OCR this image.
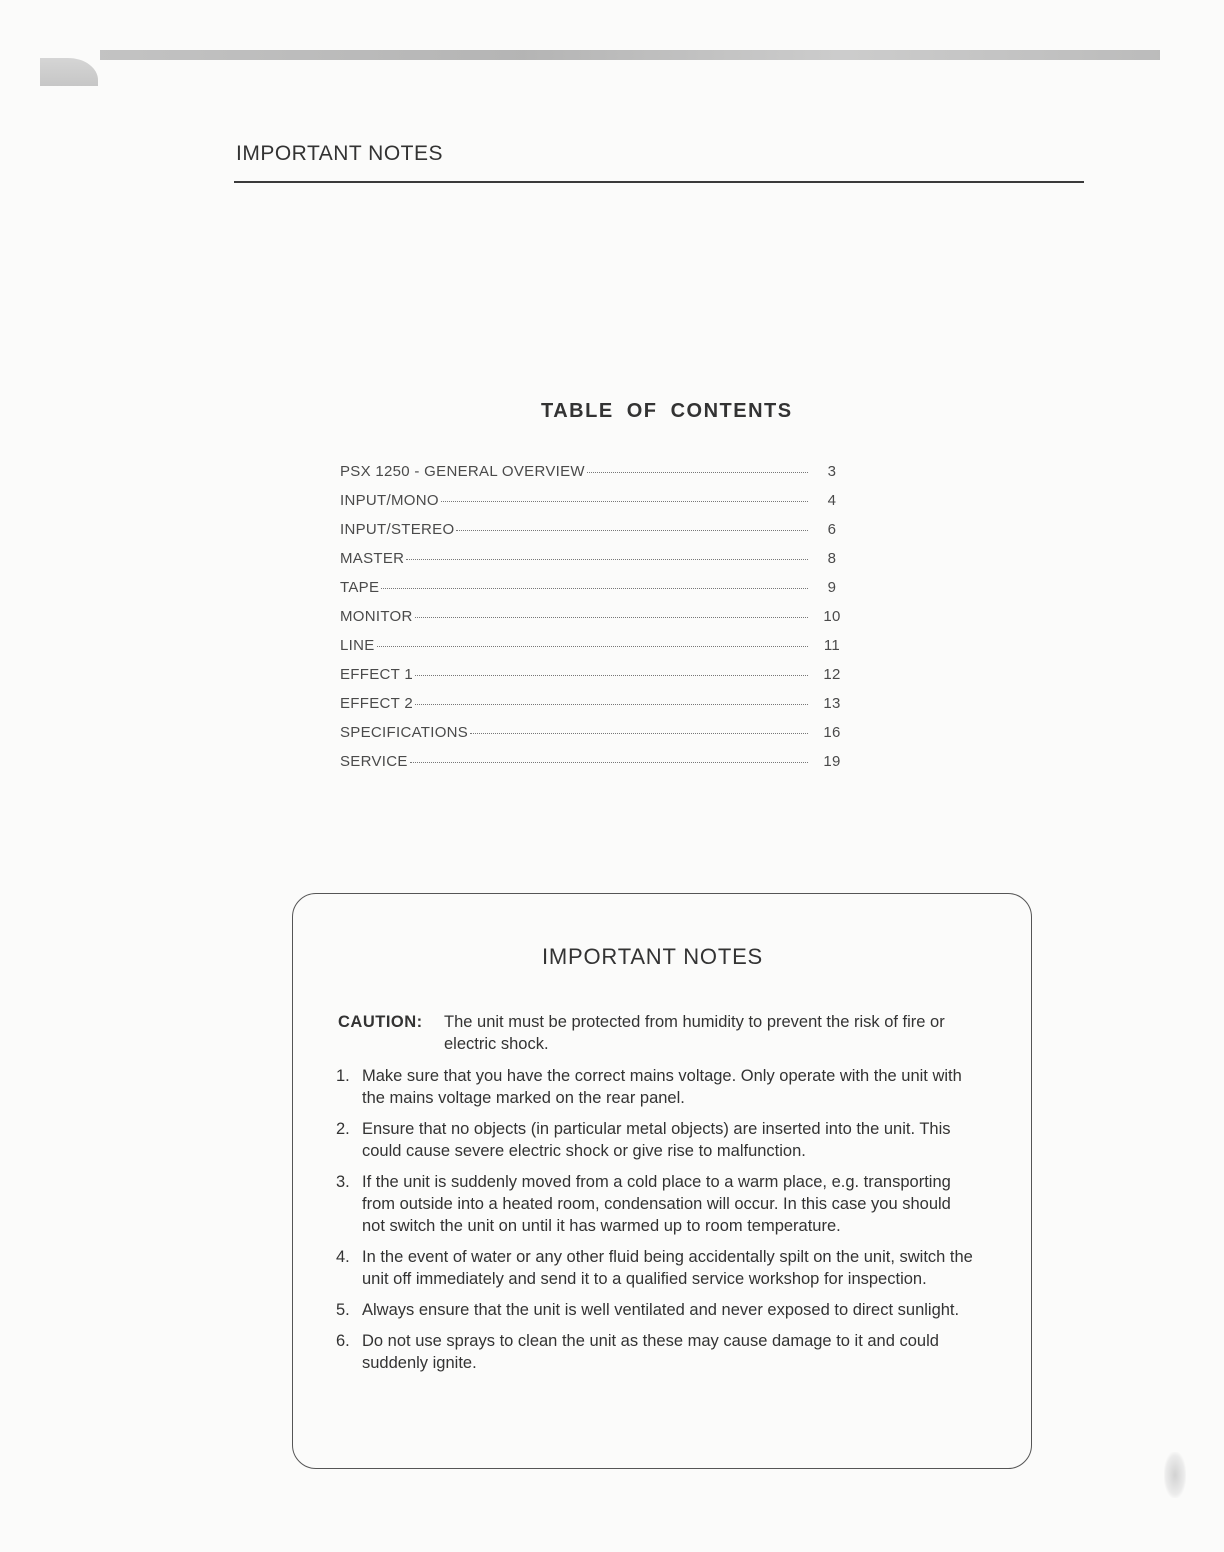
IMPORTANT NOTES
TABLE OF CONTENTS
PSX 1250 - GENERAL OVERVIEW	3
INPUT/MONO	4
INPUT/STEREO	6
MASTER	8
TAPE	9
MONITOR	10
LINE	11
EFFECT 1	12
EFFECT 2	13
SPECIFICATIONS	16
SERVICE	19
IMPORTANT NOTES
CAUTION:	The unit must be protected from humidity to prevent the risk of fire or electric shock.
1. Make sure that you have the correct mains voltage. Only operate with the unit with the mains voltage marked on the rear panel.
2. Ensure that no objects (in particular metal objects) are inserted into the unit. This could cause severe electric shock or give rise to malfunction.
3. If the unit is suddenly moved from a cold place to a warm place, e.g. transporting from outside into a heated room, condensation will occur. In this case you should not switch the unit on until it has warmed up to room temperature.
4. In the event of water or any other fluid being accidentally spilt on the unit, switch the unit off immediately and send it to a qualified service workshop for inspection.
5. Always ensure that the unit is well ventilated and never exposed to direct sunlight.
6. Do not use sprays to clean the unit as these may cause damage to it and could suddenly ignite.
